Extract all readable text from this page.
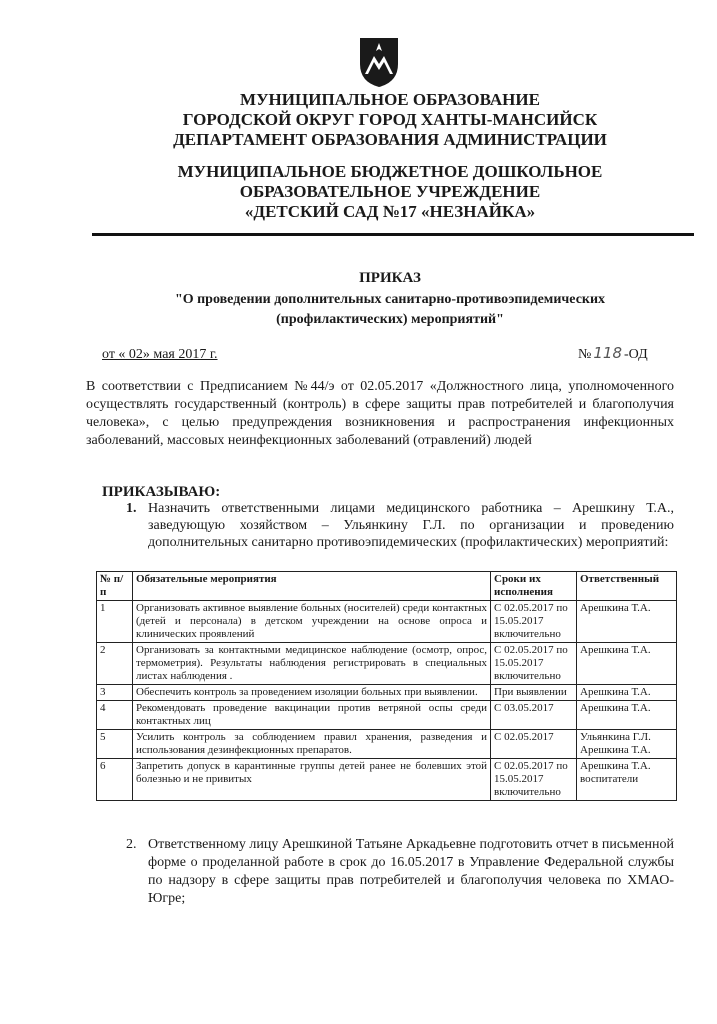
МУНИЦИПАЛЬНОЕ ОБРАЗОВАНИЕ
ГОРОДСКОЙ ОКРУГ ГОРОД ХАНТЫ-МАНСИЙСК
ДЕПАРТАМЕНТ ОБРАЗОВАНИЯ АДМИНИСТРАЦИИ
МУНИЦИПАЛЬНОЕ БЮДЖЕТНОЕ ДОШКОЛЬНОЕ
ОБРАЗОВАТЕЛЬНОЕ УЧРЕЖДЕНИЕ
«ДЕТСКИЙ САД №17 «НЕЗНАЙКА»
ПРИКАЗ
"О проведении дополнительных санитарно-противоэпидемических
(профилактических) мероприятий"
от « 02» мая 2017 г.	№ 118 -ОД
В соответствии с Предписанием №44/э от 02.05.2017 «Должностного лица, уполномоченного осуществлять государственный (контроль) в сфере защиты прав потребителей и благополучия человека», с целью предупреждения возникновения и распространения инфекционных заболеваний, массовых неинфекционных заболеваний (отравлений) людей
ПРИКАЗЫВАЮ:
1. Назначить ответственными лицами медицинского работника – Арешкину Т.А., заведующую хозяйством – Ульянкину Г.Л. по организации и проведению дополнительных санитарно противоэпидемических (профилактических) мероприятий:
№ п/п	Обязательные мероприятия	Сроки их исполнения	Ответственный
1	Организовать активное выявление больных (носителей) среди контактных (детей и персонала) в детском учреждении на основе опроса и клинических проявлений	С 02.05.2017 по 15.05.2017 включительно	Арешкина Т.А.
2	Организовать за контактными медицинское наблюдение (осмотр, опрос, термометрия). Результаты наблюдения регистрировать в специальных листах наблюдения .	С 02.05.2017 по 15.05.2017 включительно	Арешкина Т.А.
3	Обеспечить контроль за проведением изоляции больных при выявлении.	При выявлении	Арешкина Т.А.
4	Рекомендовать проведение вакцинации против ветряной оспы среди контактных лиц	С 03.05.2017	Арешкина Т.А.
5	Усилить контроль за соблюдением правил хранения, разведения и использования дезинфекционных препаратов.	С 02.05.2017	Ульянкина Г.Л. Арешкина Т.А.
6	Запретить допуск в карантинные группы детей ранее не болевших этой болезнью и не привитых	С 02.05.2017 по 15.05.2017 включительно	Арешкина Т.А. воспитатели
2. Ответственному лицу Арешкиной Татьяне Аркадьевне подготовить отчет в письменной форме о проделанной работе в срок до 16.05.2017 в Управление Федеральной службы по надзору в сфере защиты прав потребителей и благополучия человека по ХМАО-Югре;
